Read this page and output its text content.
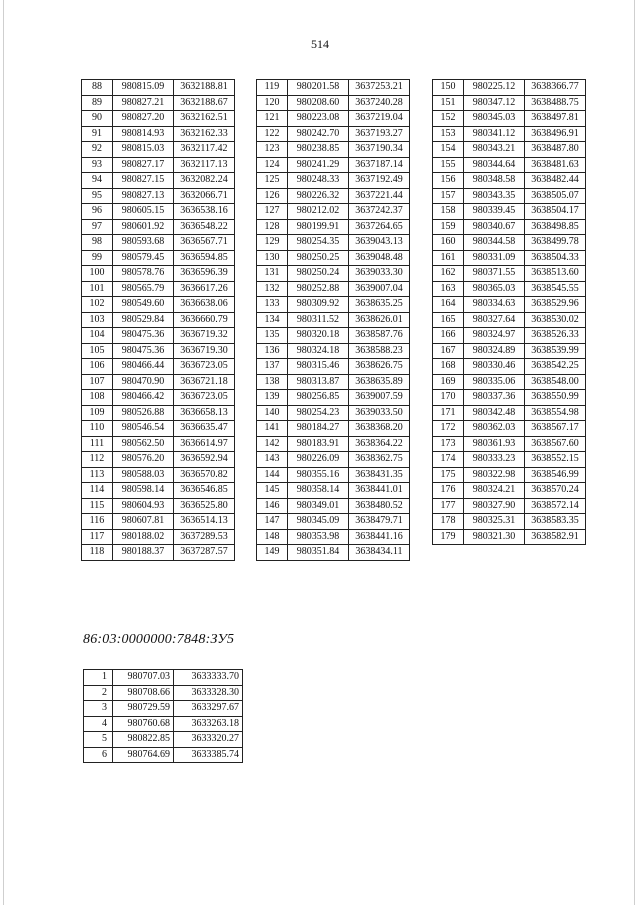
514
88	980815.09	3632188.81
89	980827.21	3632188.67
90	980827.20	3632162.51
91	980814.93	3632162.33
92	980815.03	3632117.42
93	980827.17	3632117.13
94	980827.15	3632082.24
95	980827.13	3632066.71
96	980605.15	3636538.16
97	980601.92	3636548.22
98	980593.68	3636567.71
99	980579.45	3636594.85
100	980578.76	3636596.39
101	980565.79	3636617.26
102	980549.60	3636638.06
103	980529.84	3636660.79
104	980475.36	3636719.32
105	980475.36	3636719.30
106	980466.44	3636723.05
107	980470.90	3636721.18
108	980466.42	3636723.05
109	980526.88	3636658.13
110	980546.54	3636635.47
111	980562.50	3636614.97
112	980576.20	3636592.94
113	980588.03	3636570.82
114	980598.14	3636546.85
115	980604.93	3636525.80
116	980607.81	3636514.13
117	980188.02	3637289.53
118	980188.37	3637287.57
119	980201.58	3637253.21
120	980208.60	3637240.28
121	980223.08	3637219.04
122	980242.70	3637193.27
123	980238.85	3637190.34
124	980241.29	3637187.14
125	980248.33	3637192.49
126	980226.32	3637221.44
127	980212.02	3637242.37
128	980199.91	3637264.65
129	980254.35	3639043.13
130	980250.25	3639048.48
131	980250.24	3639033.30
132	980252.88	3639007.04
133	980309.92	3638635.25
134	980311.52	3638626.01
135	980320.18	3638587.76
136	980324.18	3638588.23
137	980315.46	3638626.75
138	980313.87	3638635.89
139	980256.85	3639007.59
140	980254.23	3639033.50
141	980184.27	3638368.20
142	980183.91	3638364.22
143	980226.09	3638362.75
144	980355.16	3638431.35
145	980358.14	3638441.01
146	980349.01	3638480.52
147	980345.09	3638479.71
148	980353.98	3638441.16
149	980351.84	3638434.11
150	980225.12	3638366.77
151	980347.12	3638488.75
152	980345.03	3638497.81
153	980341.12	3638496.91
154	980343.21	3638487.80
155	980344.64	3638481.63
156	980348.58	3638482.44
157	980343.35	3638505.07
158	980339.45	3638504.17
159	980340.67	3638498.85
160	980344.58	3638499.78
161	980331.09	3638504.33
162	980371.55	3638513.60
163	980365.03	3638545.55
164	980334.63	3638529.96
165	980327.64	3638530.02
166	980324.97	3638526.33
167	980324.89	3638539.99
168	980330.46	3638542.25
169	980335.06	3638548.00
170	980337.36	3638550.99
171	980342.48	3638554.98
172	980362.03	3638567.17
173	980361.93	3638567.60
174	980333.23	3638552.15
175	980322.98	3638546.99
176	980324.21	3638570.24
177	980327.90	3638572.14
178	980325.31	3638583.35
179	980321.30	3638582.91
86:03:0000000:7848:ЗУ5
1	980707.03	3633333.70
2	980708.66	3633328.30
3	980729.59	3633297.67
4	980760.68	3633263.18
5	980822.85	3633320.27
6	980764.69	3633385.74
